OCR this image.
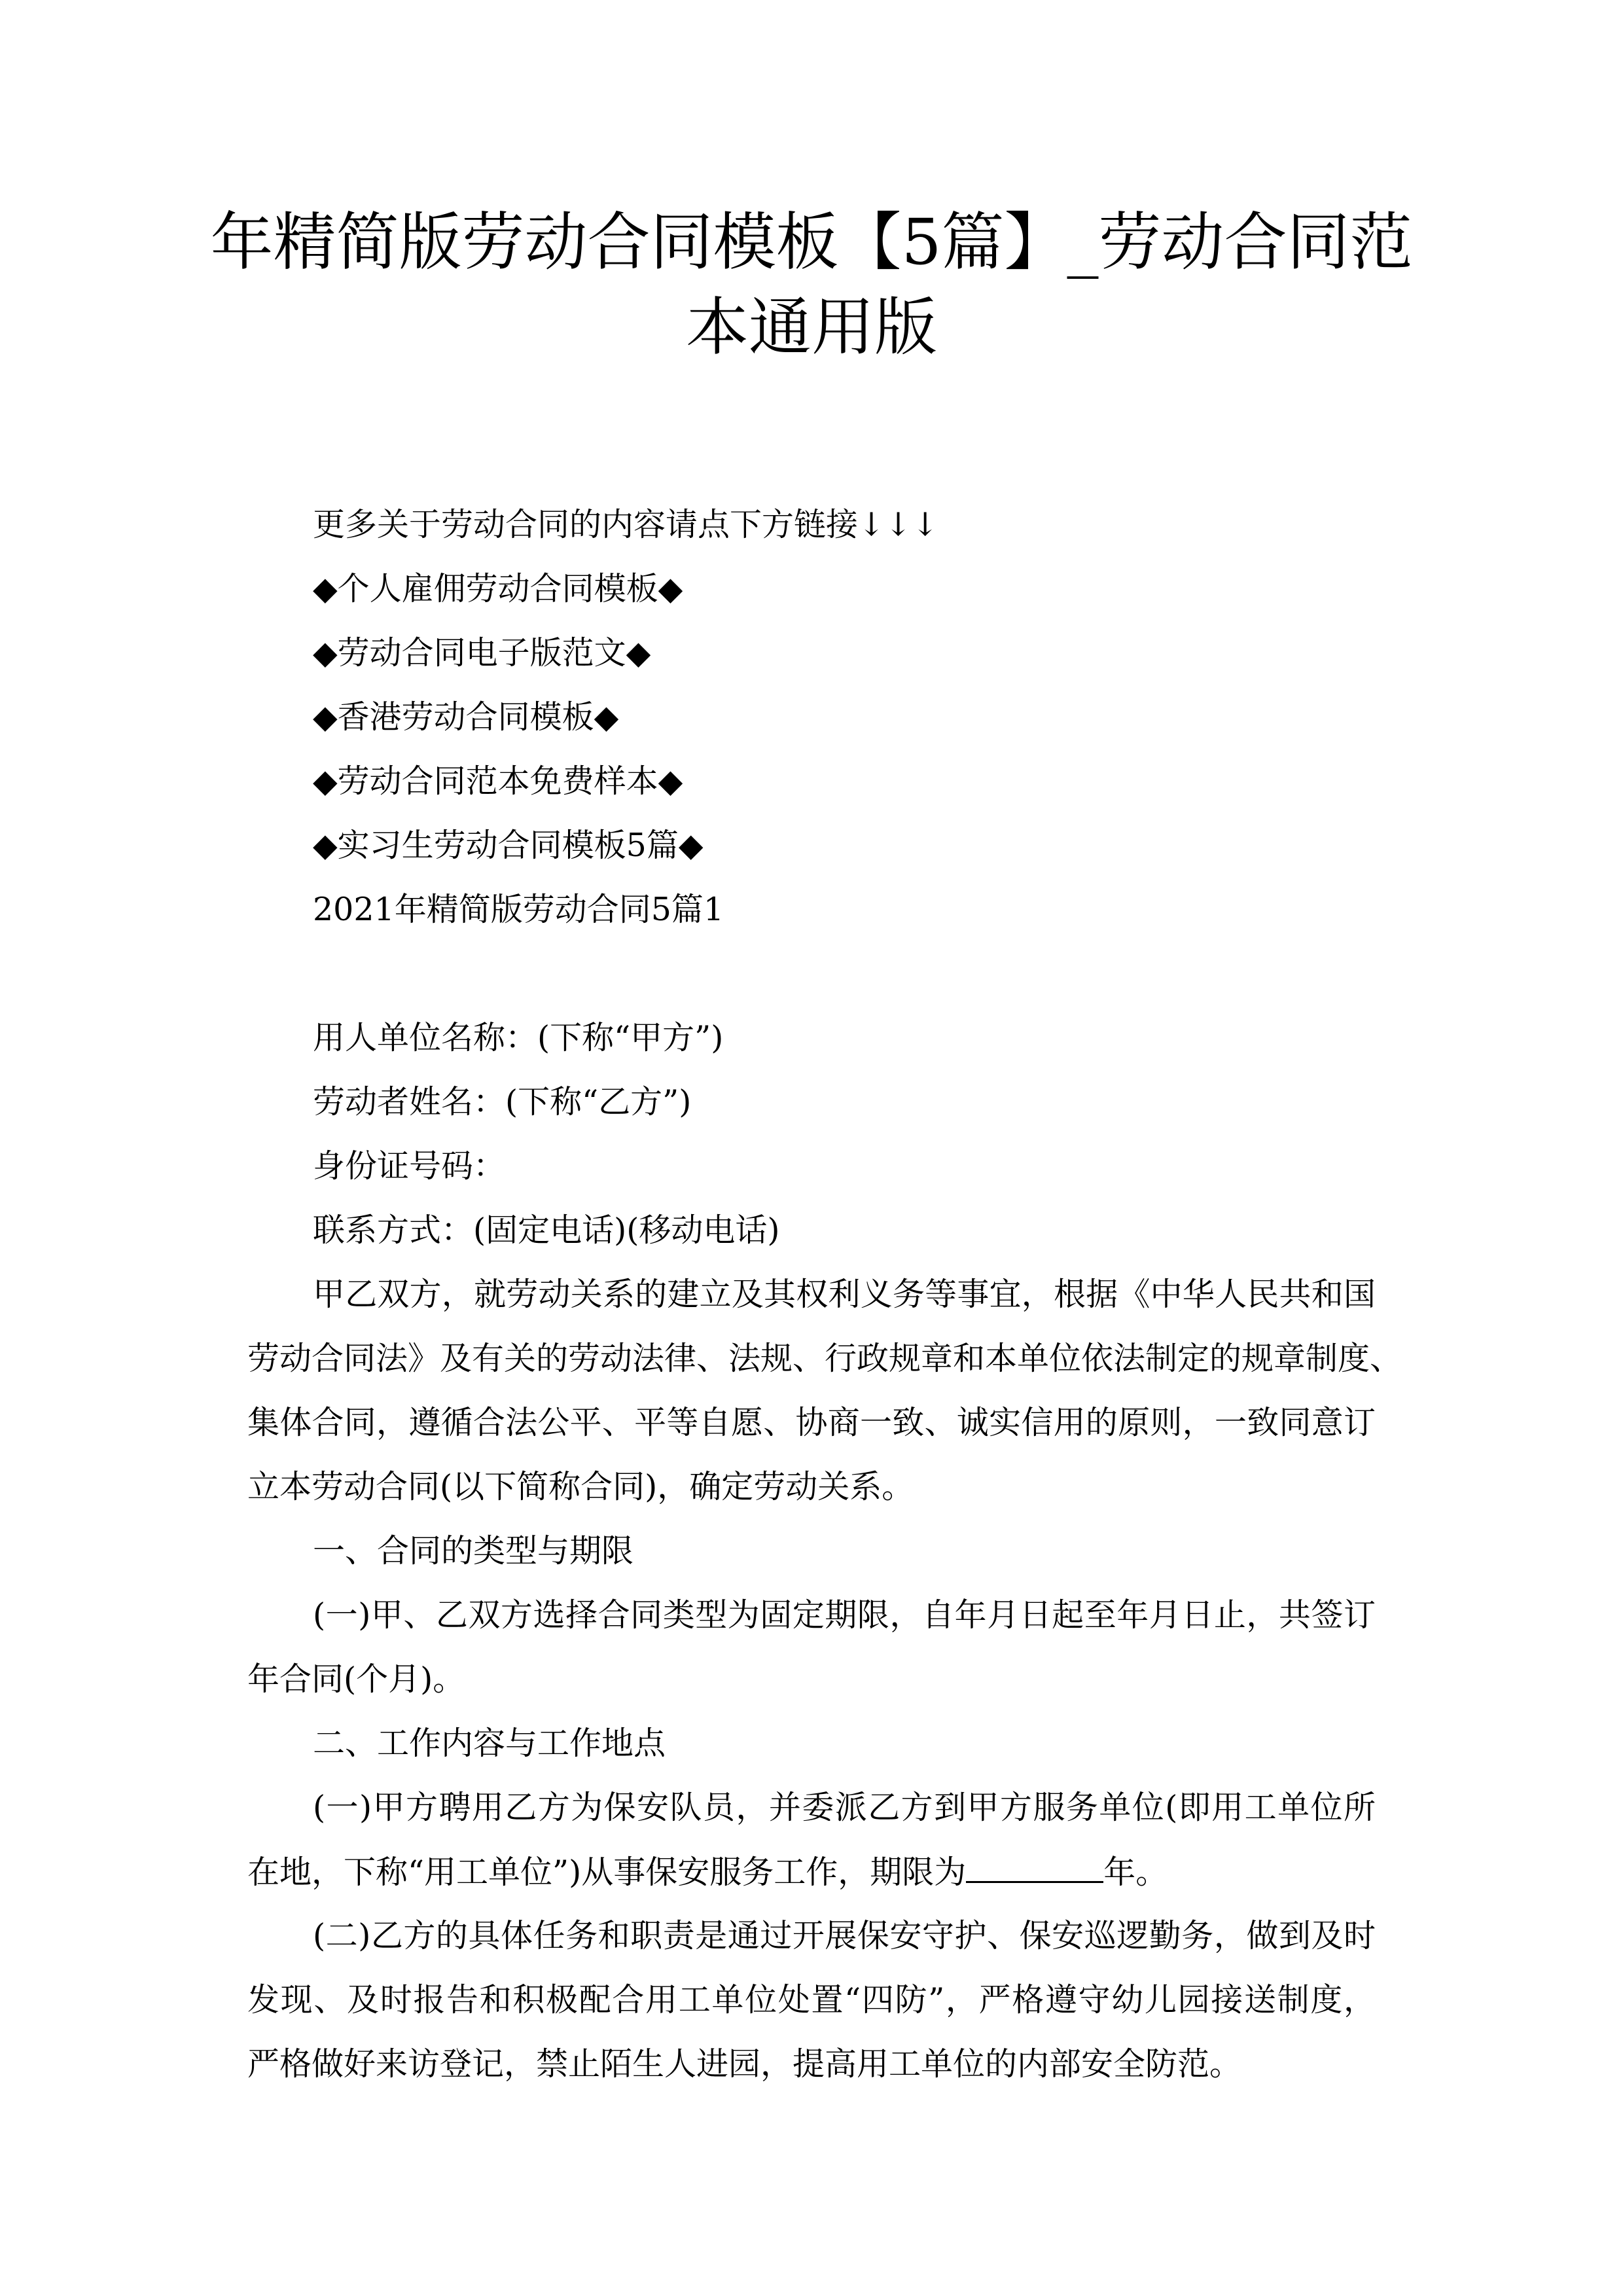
年精简版劳动合同模板【5篇】_劳动合同范
本通用版

更多关于劳动合同的内容请点下方链接↓↓↓

◆个人雇佣劳动合同模板◆

◆劳动合同电子版范文◆

◆香港劳动合同模板◆

◆劳动合同范本免费样本◆

◆实习生劳动合同模板5篇◆

2021年精简版劳动合同5篇1

用人单位名称：(下称“甲方”)

劳动者姓名：(下称“乙方”)

身份证号码：

联系方式：(固定电话)(移动电话)

甲乙双方，就劳动关系的建立及其权利义务等事宜，根据《中华人民共和国

劳动合同法》及有关的劳动法律、法规、行政规章和本单位依法制定的规章制度、

集体合同，遵循合法公平、平等自愿、协商一致、诚实信用的原则，一致同意订

立本劳动合同(以下简称合同)，确定劳动关系。

一、合同的类型与期限

(一)甲、乙双方选择合同类型为固定期限，自年月日起至年月日止，共签订

年合同(个月)。

二、工作内容与工作地点

(一)甲方聘用乙方为保安队员，并委派乙方到甲方服务单位(即用工单位所

在地，下称“用工单位”)从事保安服务工作，期限为	年。

(二)乙方的具体任务和职责是通过开展保安守护、保安巡逻勤务，做到及时

发现、及时报告和积极配合用工单位处置“四防”，严格遵守幼儿园接送制度，

严格做好来访登记，禁止陌生人进园，提高用工单位的内部安全防范。
